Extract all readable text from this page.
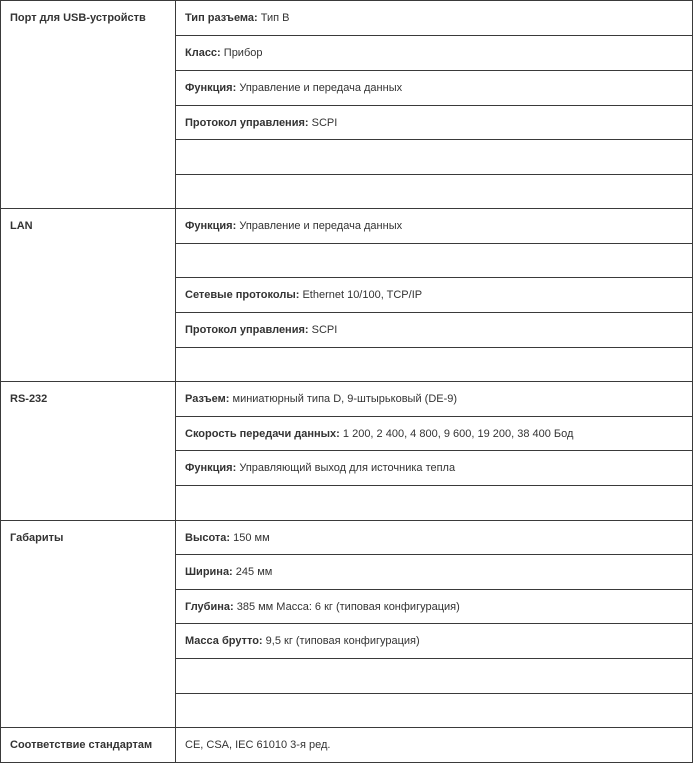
Порт для USB-устройств	Тип разъема: Тип B

	Класс: Прибор

	Функция: Управление и передача данных

	Протокол управления: SCPI

LAN	Функция: Управление и передача данных

	Сетевые протоколы: Ethernet 10/100, TCP/IP

	Протокол управления: SCPI

RS-232	Разъем: миниатюрный типа D, 9-штырьковый (DE-9)

	Скорость передачи данных: 1 200, 2 400, 4 800, 9 600, 19 200, 38 400 Бод

	Функция: Управляющий выход для источника тепла

Габариты	Высота: 150 мм

	Ширина: 245 мм

	Глубина: 385 мм Масса: 6 кг (типовая конфигурация)

	Масса брутто: 9,5 кг (типовая конфигурация)

Соответствие стандартам	CE, CSA, IEC 61010 3-я ред.
